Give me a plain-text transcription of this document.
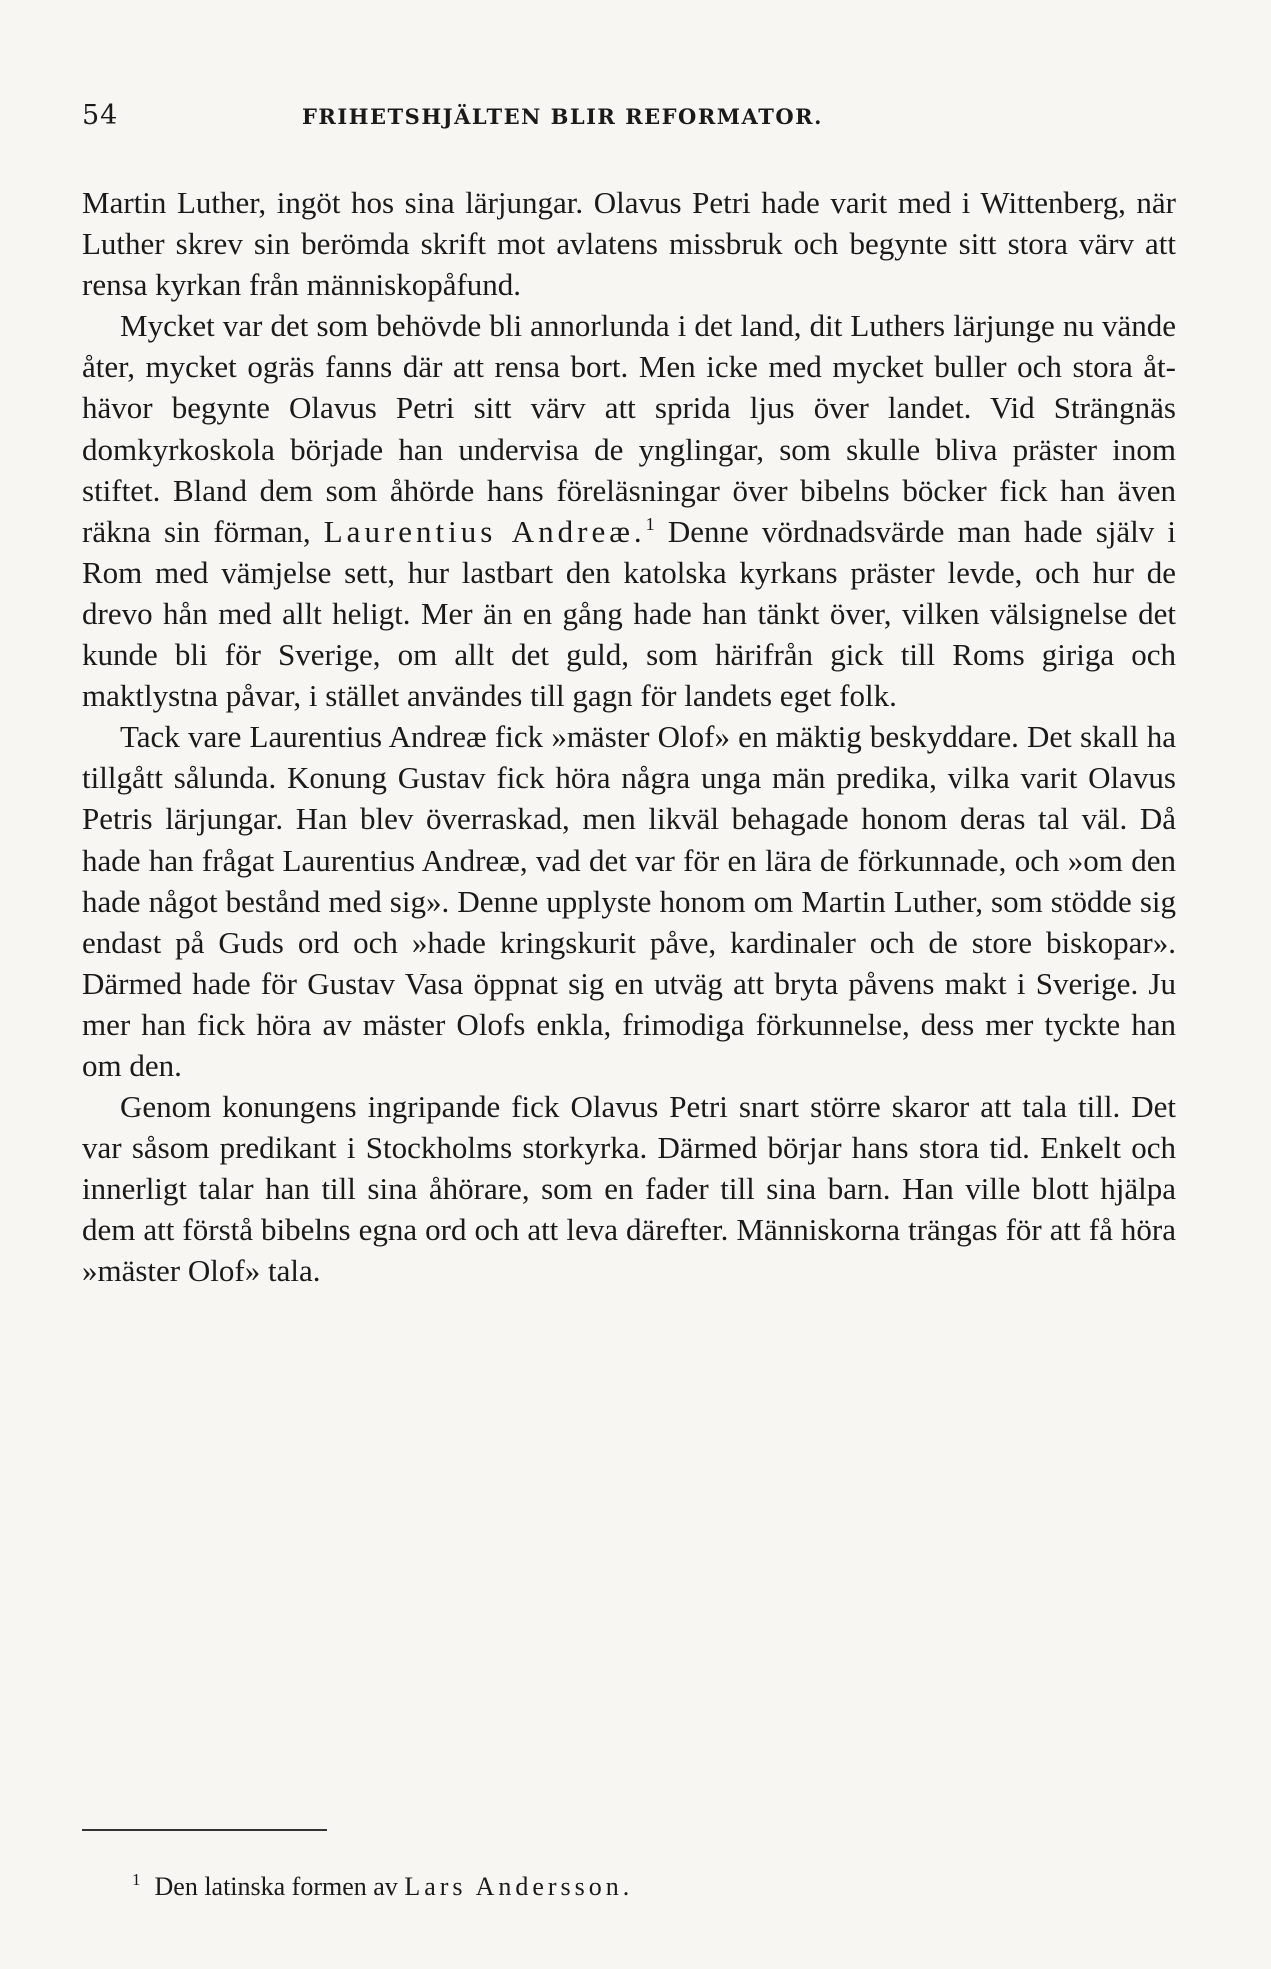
54	FRIHETSHJÄLTEN BLIR REFORMATOR.

Martin Luther, ingöt hos sina lärjungar. Olavus Petri hade varit med i Wittenberg, när Luther skrev sin berömda skrift mot avlatens missbruk och begynte sitt stora värv att rensa kyrkan från människopåfund.

Mycket var det som behövde bli annorlunda i det land, dit Luthers lärjunge nu vände åter, mycket ogräs fanns där att rensa bort. Men icke med mycket buller och stora åthävor begynte Olavus Petri sitt värv att sprida ljus över landet. Vid Strängnäs domkyrkoskola började han undervisa de ynglingar, som skulle bliva präster inom stiftet. Bland dem som åhörde hans föreläsningar över bibelns böcker fick han även räkna sin förman, Laurentius Andreæ.$^1$ Denne vördnadsvärde man hade själv i Rom med vämjelse sett, hur lastbart den katolska kyrkans präster levde, och hur de drevo hån med allt heligt. Mer än en gång hade han tänkt över, vilken välsignelse det kunde bli för Sverige, om allt det guld, som härifrån gick till Roms giriga och maktlystna påvar, i stället användes till gagn för landets eget folk.

Tack vare Laurentius Andreæ fick »mäster Olof» en mäktig beskyddare. Det skall ha tillgått sålunda. Konung Gustav fick höra några unga män predika, vilka varit Olavus Petris lärjungar. Han blev överraskad, men likväl behagade honom deras tal väl. Då hade han frågat Laurentius Andreæ, vad det var för en lära de förkunnade, och »om den hade något bestånd med sig». Denne upplyste honom om Martin Luther, som stödde sig endast på Guds ord och »hade kringskurit påve, kardinaler och de store biskopar». Därmed hade för Gustav Vasa öppnat sig en utväg att bryta påvens makt i Sverige. Ju mer han fick höra av mäster Olofs enkla, frimodiga förkunnelse, dess mer tyckte han om den.

Genom konungens ingripande fick Olavus Petri snart större skaror att tala till. Det var såsom predikant i Stockholms storkyrka. Därmed börjar hans stora tid. Enkelt och innerligt talar han till sina åhörare, som en fader till sina barn. Han ville blott hjälpa dem att förstå bibelns egna ord och att leva därefter. Människorna trängas för att få höra »mäster Olof» tala.

$^1$ Den latinska formen av Lars Andersson.
